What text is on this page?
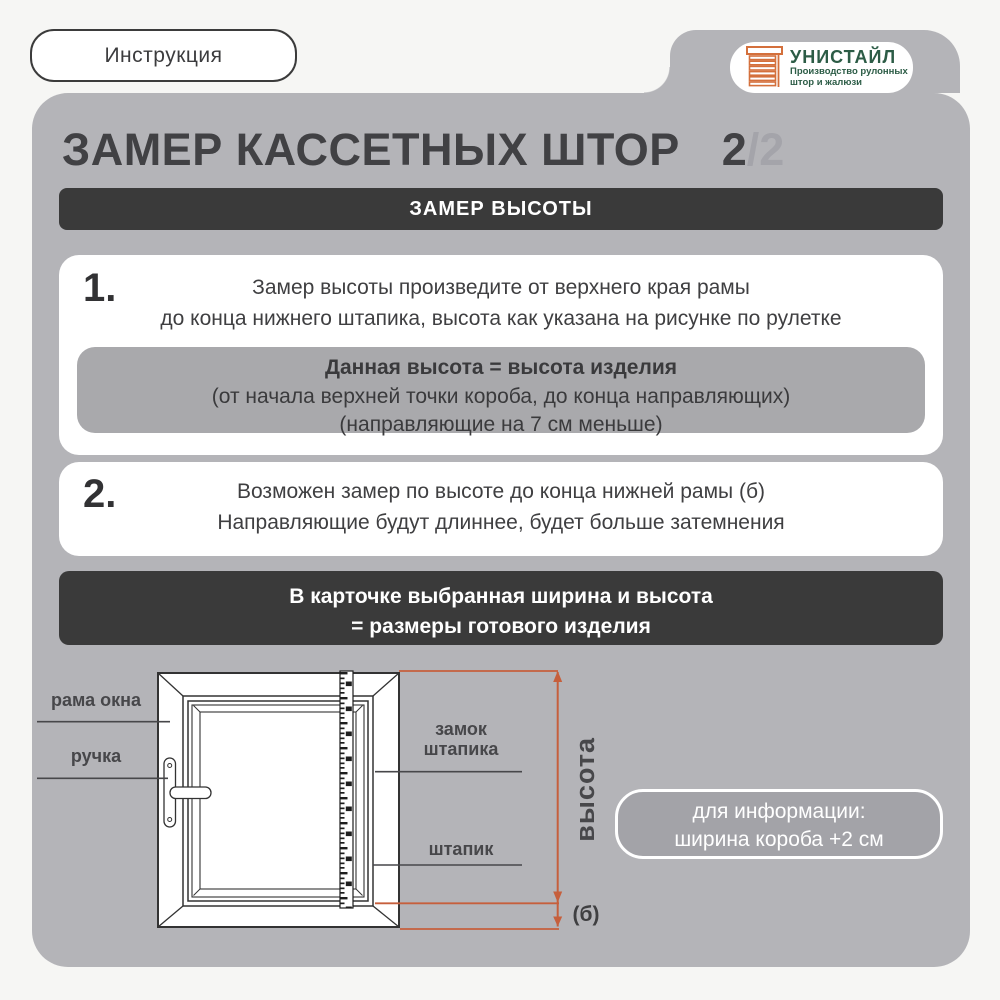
УНИСТАЙЛ
Производство рулонных
штор и жалюзи
Инструкция
ЗАМЕР КАССЕТНЫХ ШТОР 2/2
ЗАМЕР ВЫСОТЫ
1.	Замер высоты произведите от верхнего края рамы
до конца нижнего штапика, высота как указана на рисунке по рулетке
Данная высота = высота изделия
(от начала верхней точки короба, до конца направляющих)
(направляющие на 7 см меньше)
2.	Возможен замер по высоте до конца нижней рамы (б)
Направляющие будут длиннее, будет больше затемнения
В карточке выбранная ширина и высота
= размеры готового изделия
рама окна
ручка
замок штапика
штапик
высота
(б)
для информации:
ширина короба +2 см
